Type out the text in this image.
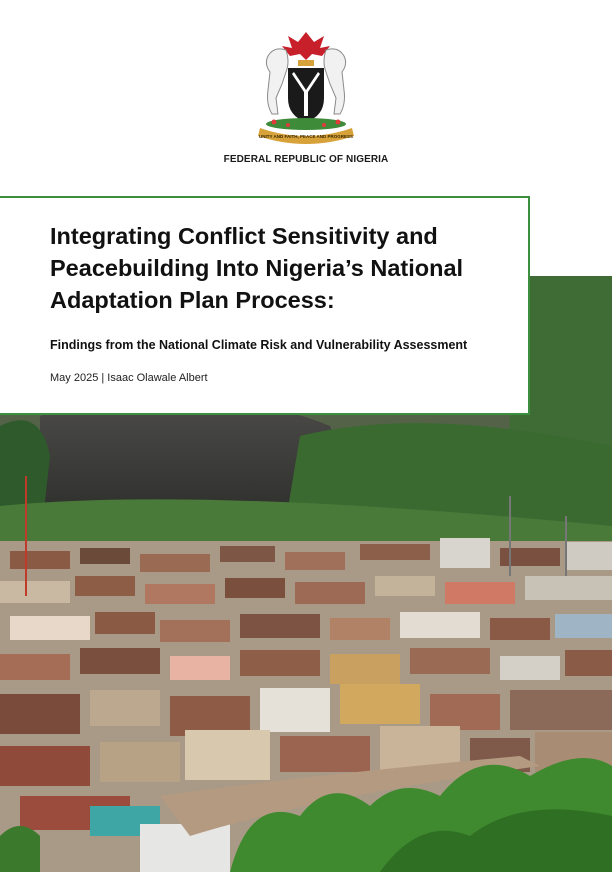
UNITY AND FAITH, PEACE AND PROGRESS
FEDERAL REPUBLIC OF NIGERIA
Integrating Conflict Sensitivity and
Peacebuilding Into Nigeria’s National
Adaptation Plan Process:
Findings from the National Climate Risk and Vulnerability Assessment
May 2025 | Isaac Olawale Albert
